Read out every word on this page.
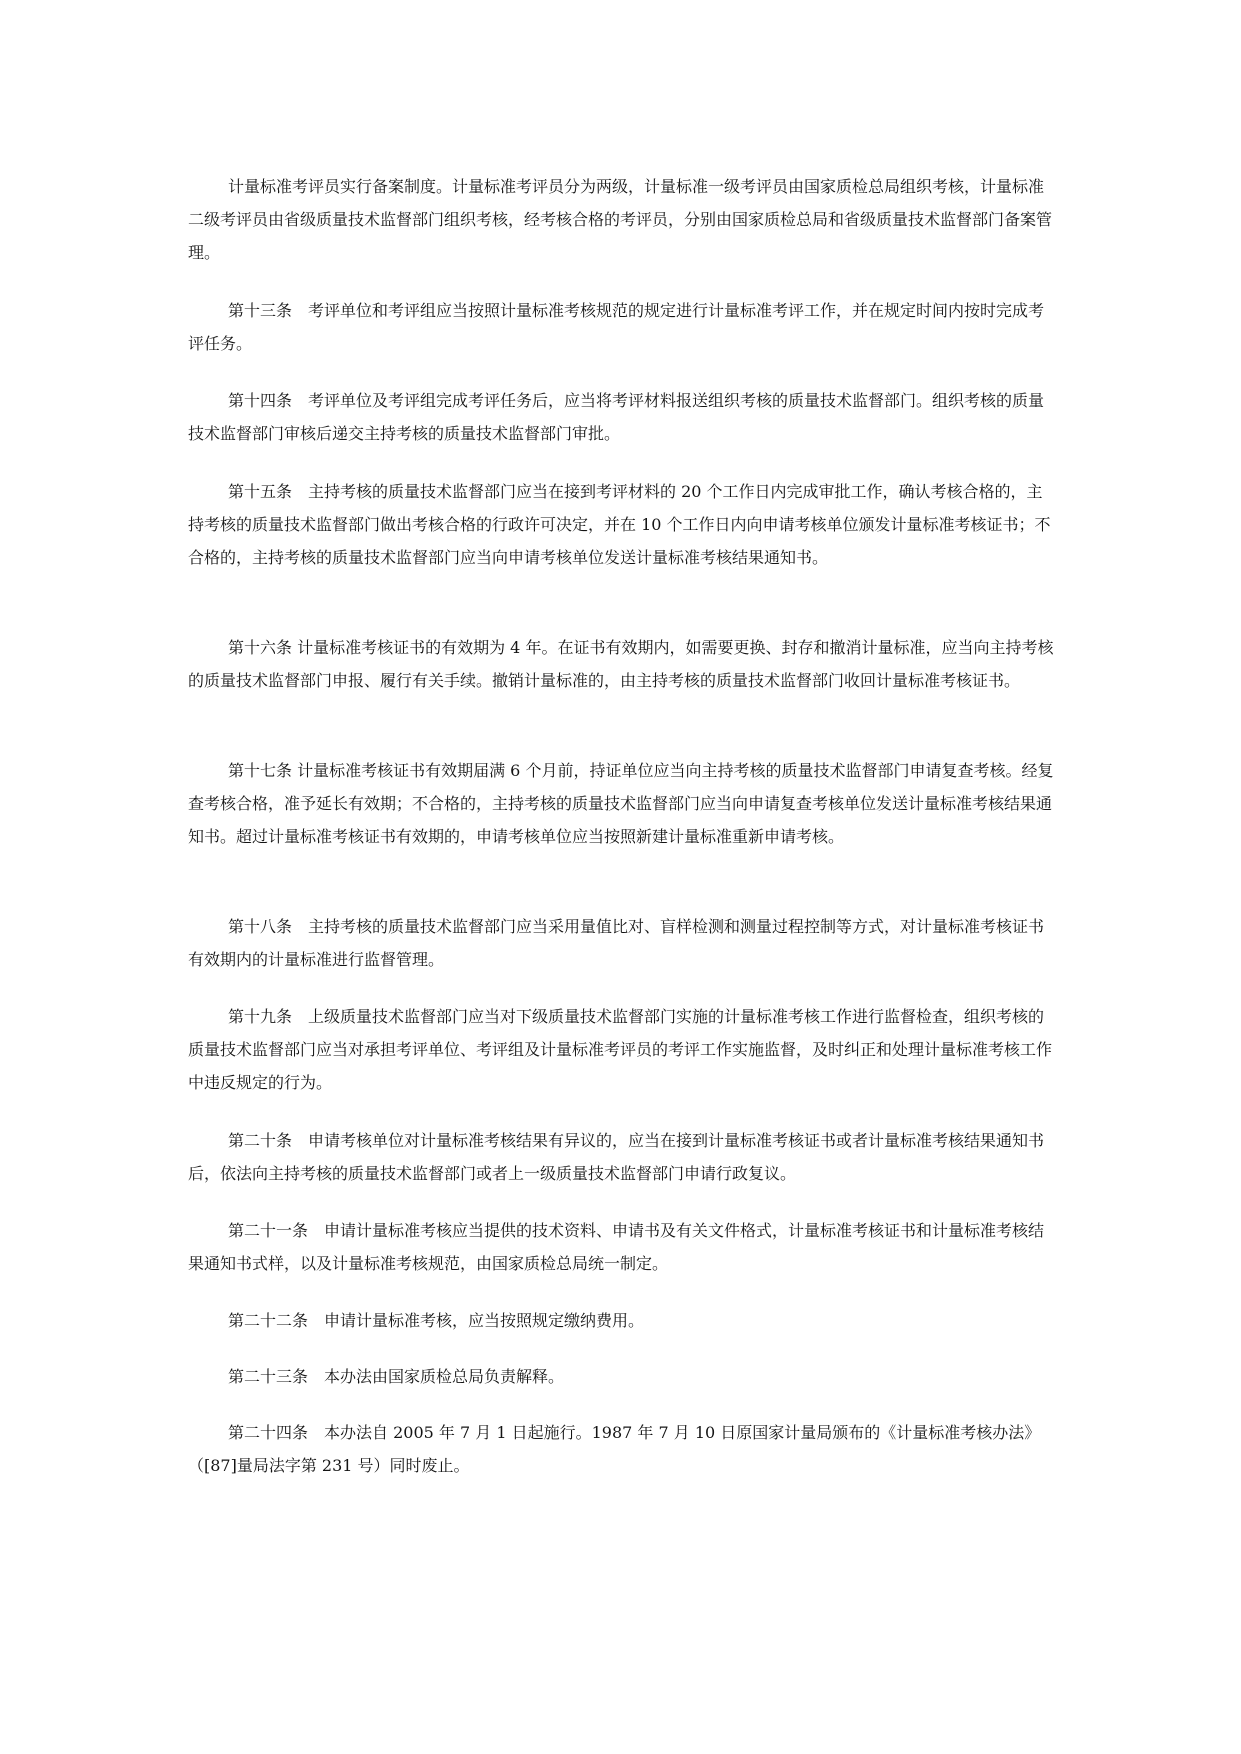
计量标准考评员实行备案制度。计量标准考评员分为两级，计量标准一级考评员由国家质检总局组织考核，计量标准二级考评员由省级质量技术监督部门组织考核，经考核合格的考评员，分别由国家质检总局和省级质量技术监督部门备案管理。

第十三条　考评单位和考评组应当按照计量标准考核规范的规定进行计量标准考评工作，并在规定时间内按时完成考评任务。

第十四条　考评单位及考评组完成考评任务后，应当将考评材料报送组织考核的质量技术监督部门。组织考核的质量技术监督部门审核后递交主持考核的质量技术监督部门审批。

第十五条　主持考核的质量技术监督部门应当在接到考评材料的 20 个工作日内完成审批工作，确认考核合格的，主持考核的质量技术监督部门做出考核合格的行政许可决定，并在 10 个工作日内向申请考核单位颁发计量标准考核证书；不合格的，主持考核的质量技术监督部门应当向申请考核单位发送计量标准考核结果通知书。

第十六条 计量标准考核证书的有效期为 4 年。在证书有效期内，如需要更换、封存和撤消计量标准，应当向主持考核的质量技术监督部门申报、履行有关手续。撤销计量标准的，由主持考核的质量技术监督部门收回计量标准考核证书。

第十七条 计量标准考核证书有效期届满 6 个月前，持证单位应当向主持考核的质量技术监督部门申请复查考核。经复查考核合格，准予延长有效期；不合格的，主持考核的质量技术监督部门应当向申请复查考核单位发送计量标准考核结果通知书。超过计量标准考核证书有效期的，申请考核单位应当按照新建计量标准重新申请考核。

第十八条　主持考核的质量技术监督部门应当采用量值比对、盲样检测和测量过程控制等方式，对计量标准考核证书有效期内的计量标准进行监督管理。

第十九条　上级质量技术监督部门应当对下级质量技术监督部门实施的计量标准考核工作进行监督检查，组织考核的质量技术监督部门应当对承担考评单位、考评组及计量标准考评员的考评工作实施监督，及时纠正和处理计量标准考核工作中违反规定的行为。

第二十条　申请考核单位对计量标准考核结果有异议的，应当在接到计量标准考核证书或者计量标准考核结果通知书后，依法向主持考核的质量技术监督部门或者上一级质量技术监督部门申请行政复议。

第二十一条　申请计量标准考核应当提供的技术资料、申请书及有关文件格式，计量标准考核证书和计量标准考核结果通知书式样，以及计量标准考核规范，由国家质检总局统一制定。

第二十二条　申请计量标准考核，应当按照规定缴纳费用。

第二十三条　本办法由国家质检总局负责解释。

第二十四条　本办法自 2005 年 7 月 1 日起施行。1987 年 7 月 10 日原国家计量局颁布的《计量标准考核办法》（[87]量局法字第 231 号）同时废止。
